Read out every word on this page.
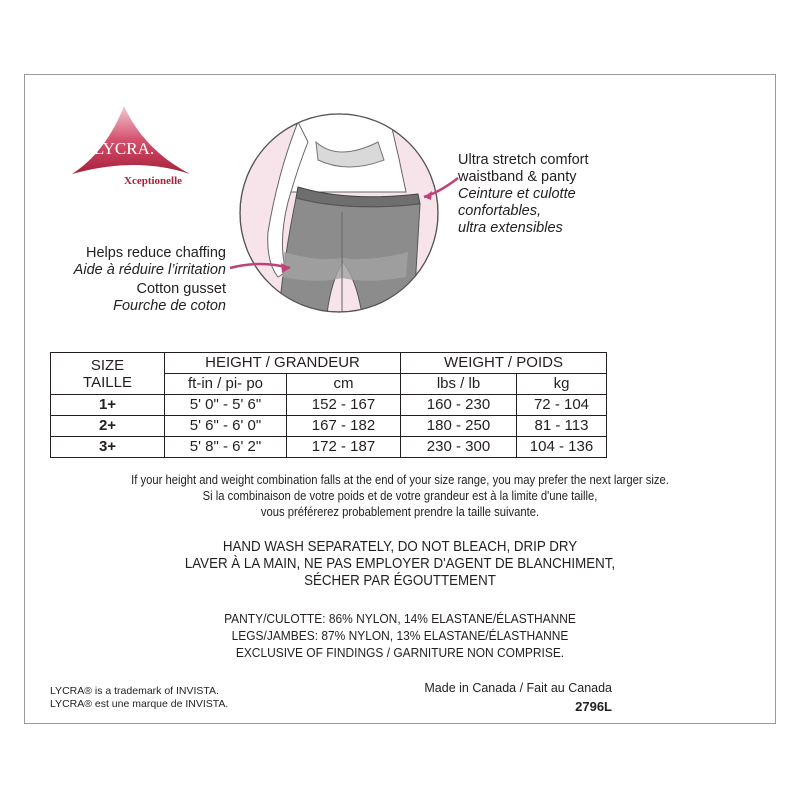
LYCRA.
Xceptionelle
Ultra stretch comfort
waistband & panty
Ceinture et culotte
confortables,
ultra extensibles
Helps reduce chaffing
Aide à réduire l’irritation
Cotton gusset
Fourche de coton
SIZE
TAILLE	HEIGHT / GRANDEUR		WEIGHT / POIDS	
	ft-in / pi- po	cm	lbs / lb	kg
1+	5' 0" - 5' 6"	152 - 167	160 - 230	72 - 104
2+	5' 6" - 6' 0"	167 - 182	180 - 250	81 - 113
3+	5' 8" - 6' 2"	172 - 187	230 - 300	104 - 136
If your height and weight combination falls at the end of your size range, you may prefer the next larger size.
Si la combinaison de votre poids et de votre grandeur est à la limite d'une taille,
vous préférerez probablement prendre la taille suivante.
HAND WASH SEPARATELY, DO NOT BLEACH, DRIP DRY
LAVER À LA MAIN, NE PAS EMPLOYER D'AGENT DE BLANCHIMENT,
SÉCHER PAR ÉGOUTTEMENT
PANTY/CULOTTE: 86% NYLON, 14% ELASTANE/ÉLASTHANNE
LEGS/JAMBES: 87% NYLON, 13% ELASTANE/ÉLASTHANNE
EXCLUSIVE OF FINDINGS / GARNITURE NON COMPRISE.
LYCRA® is a trademark of INVISTA.
LYCRA® est une marque de INVISTA.
Made in Canada / Fait au Canada
2796L
